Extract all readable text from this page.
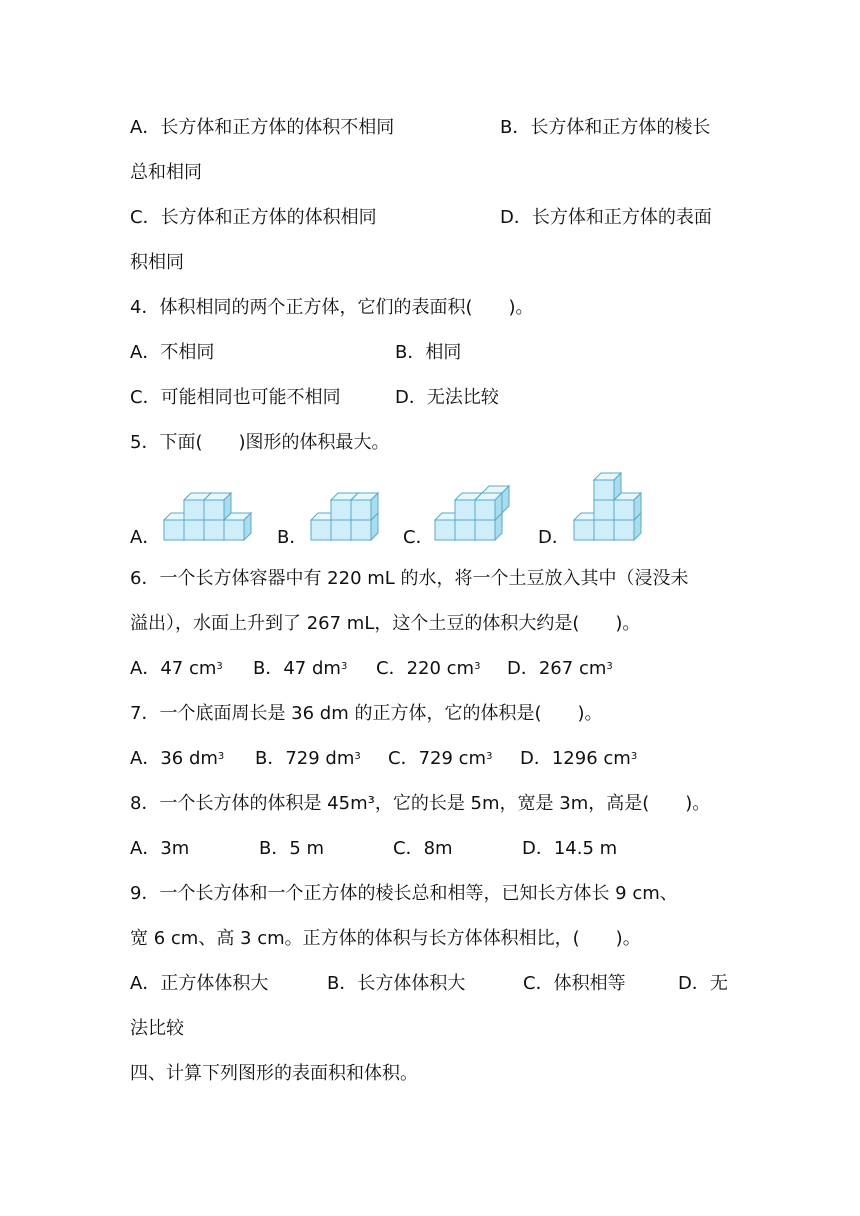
A．长方体和正方体的体积不相同	B．长方体和正方体的棱长
总和相同
C．长方体和正方体的体积相同	D．长方体和正方体的表面
积相同
4．体积相同的两个正方体，它们的表面积(　　)。
A．不相同	B．相同
C．可能相同也可能不相同	D．无法比较
5．下面(　　)图形的体积最大。
A．	B．	C．	D．
6．一个长方体容器中有 220 mL 的水，将一个土豆放入其中（浸没未
溢出），水面上升到了 267 mL，这个土豆的体积大约是(　　)。
A．47 $cm^3$ B．47 $dm^3$ C．220 $cm^3$ D．267 $cm^3$
7．一个底面周长是 36 dm 的正方体，它的体积是(　　)。
A．36 $dm^3$ B．729 $dm^3$ C．729 $cm^3$ D．1296 $cm^3$
8．一个长方体的体积是 45m³，它的长是 5m，宽是 3m，高是(　　)。
A．3m	B．5 m	C．8m	D．14.5 m
9．一个长方体和一个正方体的棱长总和相等，已知长方体长 9 cm、
宽 6 cm、高 3 cm。正方体的体积与长方体体积相比，(　　)。
A．正方体体积大	B．长方体体积大	C．体积相等	D．无
法比较
四、计算下列图形的表面积和体积。
